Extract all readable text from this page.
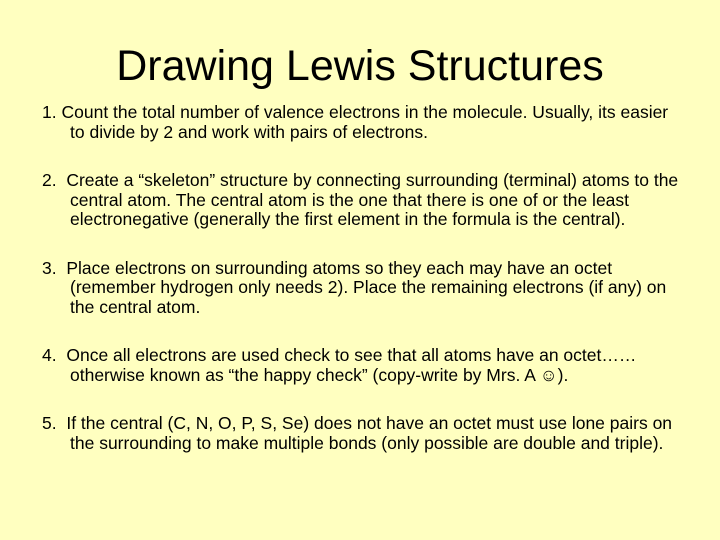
Drawing Lewis Structures
1. Count the total number of valence electrons in the molecule. Usually, its easier to divide by 2 and work with pairs of electrons.
2. Create a “skeleton” structure by connecting surrounding (terminal) atoms to the central atom. The central atom is the one that there is one of or the least electronegative (generally the first element in the formula is the central).
3. Place electrons on surrounding atoms so they each may have an octet (remember hydrogen only needs 2). Place the remaining electrons (if any) on the central atom.
4. Once all electrons are used check to see that all atoms have an octet……otherwise known as “the happy check” (copy-write by Mrs. A ☺).
5. If the central (C, N, O, P, S, Se) does not have an octet must use lone pairs on the surrounding to make multiple bonds (only possible are double and triple).
